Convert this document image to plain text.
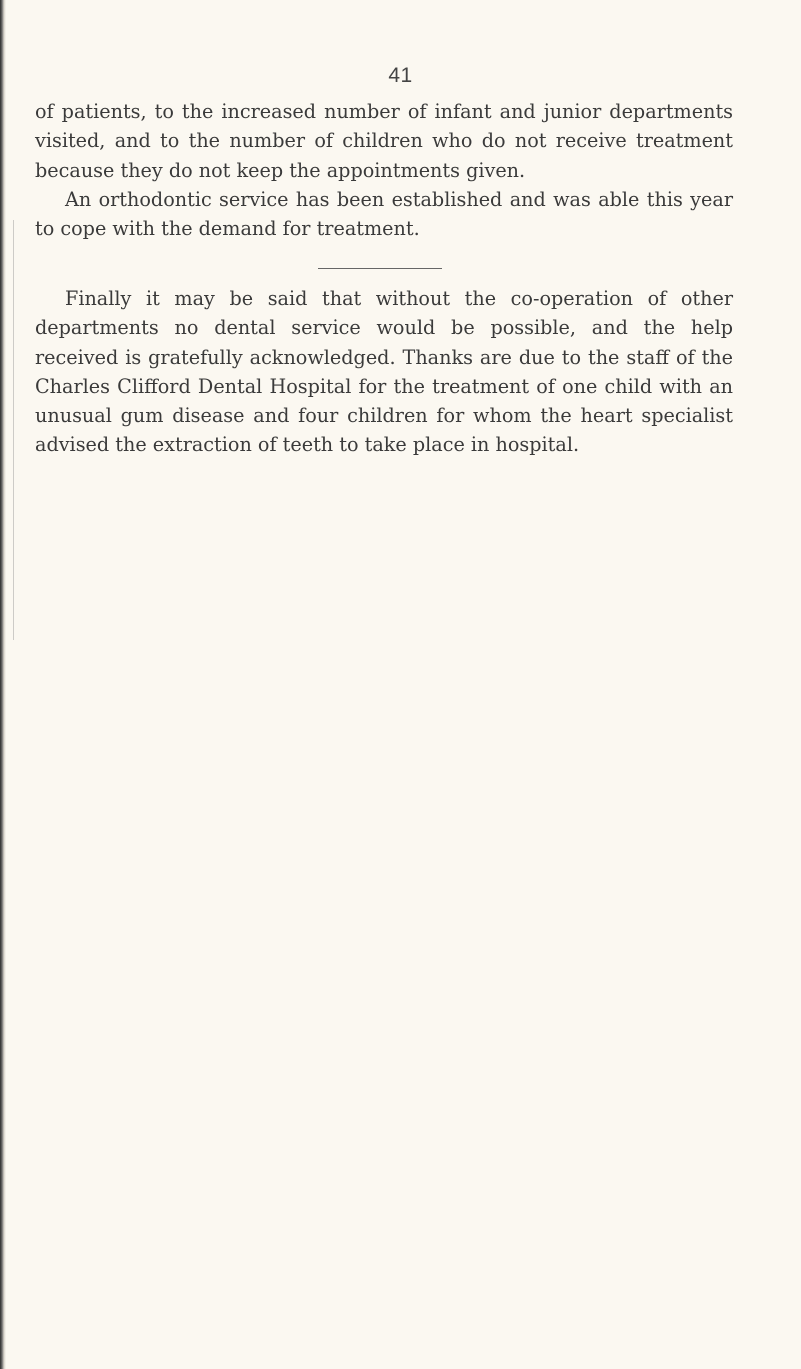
41

of patients, to the increased number of infant and junior departments visited, and to the number of children who do not receive treatment because they do not keep the appointments given.

An orthodontic service has been established and was able this year to cope with the demand for treatment.

Finally it may be said that without the co-operation of other departments no dental service would be possible, and the help received is gratefully acknowledged. Thanks are due to the staff of the Charles Clifford Dental Hospital for the treatment of one child with an unusual gum disease and four children for whom the heart specialist advised the extraction of teeth to take place in hospital.
